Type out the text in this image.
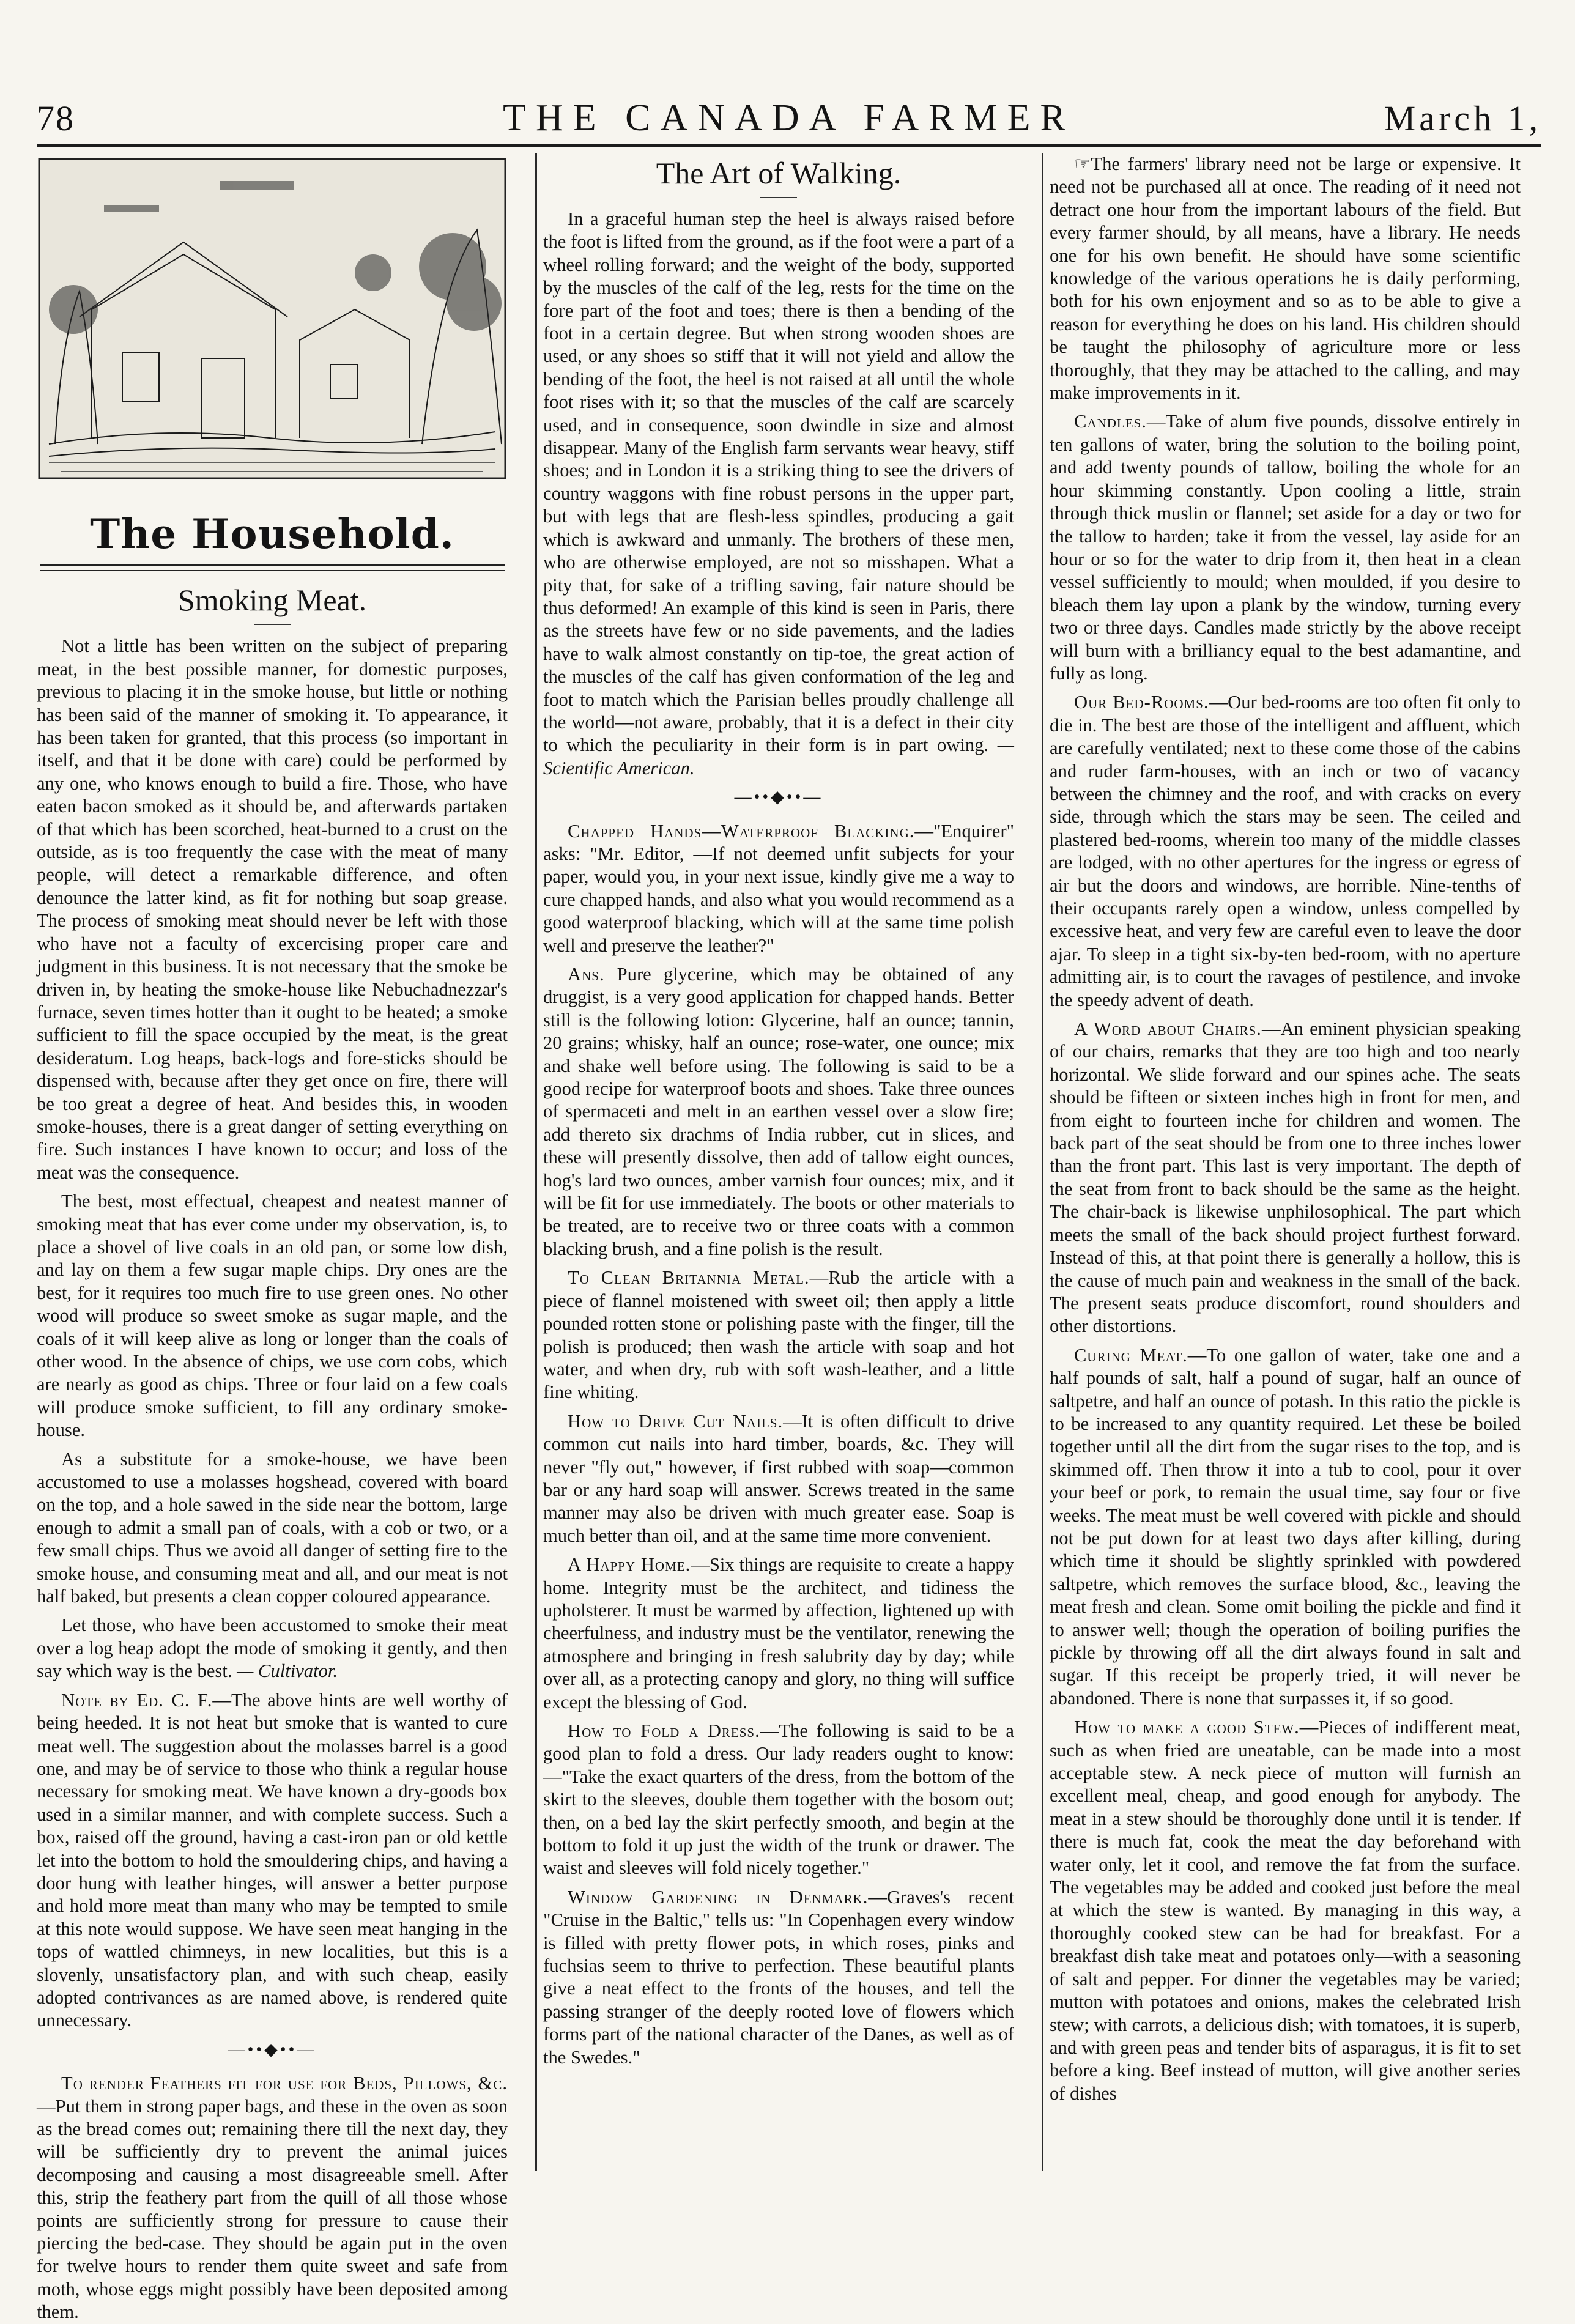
78	THE CANADA FARMER	March 1,
The Household.
Smoking Meat.

Not a little has been written on the subject of preparing meat, in the best possible manner, for domestic purposes, previous to placing it in the smoke house, but little or nothing has been said of the manner of smoking it. To appearance, it has been taken for granted, that this process (so important in itself, and that it be done with care) could be performed by any one, who knows enough to build a fire. Those, who have eaten bacon smoked as it should be, and afterwards partaken of that which has been scorched, heat-burned to a crust on the outside, as is too frequently the case with the meat of many people, will detect a remarkable difference, and often denounce the latter kind, as fit for nothing but soap grease. The process of smoking meat should never be left with those who have not a faculty of excercising proper care and judgment in this business. It is not necessary that the smoke be driven in, by heating the smoke-house like Nebuchadnezzar's furnace, seven times hotter than it ought to be heated; a smoke sufficient to fill the space occupied by the meat, is the great desideratum. Log heaps, back-logs and fore-sticks should be dispensed with, because after they get once on fire, there will be too great a degree of heat. And besides this, in wooden smoke-houses, there is a great danger of setting everything on fire. Such instances I have known to occur; and loss of the meat was the consequence.

The best, most effectual, cheapest and neatest manner of smoking meat that has ever come under my observation, is, to place a shovel of live coals in an old pan, or some low dish, and lay on them a few sugar maple chips. Dry ones are the best, for it requires too much fire to use green ones. No other wood will produce so sweet smoke as sugar maple, and the coals of it will keep alive as long or longer than the coals of other wood. In the absence of chips, we use corn cobs, which are nearly as good as chips. Three or four laid on a few coals will produce smoke sufficient, to fill any ordinary smoke-house.

As a substitute for a smoke-house, we have been accustomed to use a molasses hogshead, covered with board on the top, and a hole sawed in the side near the bottom, large enough to admit a small pan of coals, with a cob or two, or a few small chips. Thus we avoid all danger of setting fire to the smoke house, and consuming meat and all, and our meat is not half baked, but presents a clean copper coloured appearance.

Let those, who have been accustomed to smoke their meat over a log heap adopt the mode of smoking it gently, and then say which way is the best. — Cultivator.

Note by Ed. C. F.—The above hints are well worthy of being heeded. It is not heat but smoke that is wanted to cure meat well. The suggestion about the molasses barrel is a good one, and may be of service to those who think a regular house necessary for smoking meat. We have known a dry-goods box used in a similar manner, and with complete success. Such a box, raised off the ground, having a cast-iron pan or old kettle let into the bottom to hold the smouldering chips, and having a door hung with leather hinges, will answer a better purpose and hold more meat than many who may be tempted to smile at this note would suppose. We have seen meat hanging in the tops of wattled chimneys, in new localities, but this is a slovenly, unsatisfactory plan, and with such cheap, easily adopted contrivances as are named above, is rendered quite unnecessary.

—••◆••—

To render Feathers fit for use for Beds, Pillows, &c.—Put them in strong paper bags, and these in the oven as soon as the bread comes out; remaining there till the next day, they will be sufficiently dry to prevent the animal juices decomposing and causing a most disagreeable smell. After this, strip the feathery part from the quill of all those whose points are sufficiently strong for pressure to cause their piercing the bed-case. They should be again put in the oven for twelve hours to render them quite sweet and safe from moth, whose eggs might possibly have been deposited among them.

The Art of Walking.

In a graceful human step the heel is always raised before the foot is lifted from the ground, as if the foot were a part of a wheel rolling forward; and the weight of the body, supported by the muscles of the calf of the leg, rests for the time on the fore part of the foot and toes; there is then a bending of the foot in a certain degree. But when strong wooden shoes are used, or any shoes so stiff that it will not yield and allow the bending of the foot, the heel is not raised at all until the whole foot rises with it; so that the muscles of the calf are scarcely used, and in consequence, soon dwindle in size and almost disappear. Many of the English farm servants wear heavy, stiff shoes; and in London it is a striking thing to see the drivers of country waggons with fine robust persons in the upper part, but with legs that are flesh-less spindles, producing a gait which is awkward and unmanly. The brothers of these men, who are otherwise employed, are not so misshapen. What a pity that, for sake of a trifling saving, fair nature should be thus deformed! An example of this kind is seen in Paris, there as the streets have few or no side pavements, and the ladies have to walk almost constantly on tip-toe, the great action of the muscles of the calf has given conformation of the leg and foot to match which the Parisian belles proudly challenge all the world—not aware, probably, that it is a defect in their city to which the peculiarity in their form is in part owing. —Scientific American.

—••◆••—

Chapped Hands—Waterproof Blacking.—"Enquirer" asks: "Mr. Editor, —If not deemed unfit subjects for your paper, would you, in your next issue, kindly give me a way to cure chapped hands, and also what you would recommend as a good waterproof blacking, which will at the same time polish well and preserve the leather?"

Ans. Pure glycerine, which may be obtained of any druggist, is a very good application for chapped hands. Better still is the following lotion: Glycerine, half an ounce; tannin, 20 grains; whisky, half an ounce; rose-water, one ounce; mix and shake well before using. The following is said to be a good recipe for waterproof boots and shoes. Take three ounces of spermaceti and melt in an earthen vessel over a slow fire; add thereto six drachms of India rubber, cut in slices, and these will presently dissolve, then add of tallow eight ounces, hog's lard two ounces, amber varnish four ounces; mix, and it will be fit for use immediately. The boots or other materials to be treated, are to receive two or three coats with a common blacking brush, and a fine polish is the result.

To Clean Britannia Metal.—Rub the article with a piece of flannel moistened with sweet oil; then apply a little pounded rotten stone or polishing paste with the finger, till the polish is produced; then wash the article with soap and hot water, and when dry, rub with soft wash-leather, and a little fine whiting.

How to Drive Cut Nails.—It is often difficult to drive common cut nails into hard timber, boards, &c. They will never "fly out," however, if first rubbed with soap—common bar or any hard soap will answer. Screws treated in the same manner may also be driven with much greater ease. Soap is much better than oil, and at the same time more convenient.

A Happy Home.—Six things are requisite to create a happy home. Integrity must be the architect, and tidiness the upholsterer. It must be warmed by affection, lightened up with cheerfulness, and industry must be the ventilator, renewing the atmosphere and bringing in fresh salubrity day by day; while over all, as a protecting canopy and glory, no thing will suffice except the blessing of God.

How to Fold a Dress.—The following is said to be a good plan to fold a dress. Our lady readers ought to know:—"Take the exact quarters of the dress, from the bottom of the skirt to the sleeves, double them together with the bosom out; then, on a bed lay the skirt perfectly smooth, and begin at the bottom to fold it up just the width of the trunk or drawer. The waist and sleeves will fold nicely together."

Window Gardening in Denmark.—Graves's recent "Cruise in the Baltic," tells us: "In Copenhagen every window is filled with pretty flower pots, in which roses, pinks and fuchsias seem to thrive to perfection. These beautiful plants give a neat effect to the fronts of the houses, and tell the passing stranger of the deeply rooted love of flowers which forms part of the national character of the Danes, as well as of the Swedes."

☞The farmers' library need not be large or expensive. It need not be purchased all at once. The reading of it need not detract one hour from the important labours of the field. But every farmer should, by all means, have a library. He needs one for his own benefit. He should have some scientific knowledge of the various operations he is daily performing, both for his own enjoyment and so as to be able to give a reason for everything he does on his land. His children should be taught the philosophy of agriculture more or less thoroughly, that they may be attached to the calling, and may make improvements in it.

Candles.—Take of alum five pounds, dissolve entirely in ten gallons of water, bring the solution to the boiling point, and add twenty pounds of tallow, boiling the whole for an hour skimming constantly. Upon cooling a little, strain through thick muslin or flannel; set aside for a day or two for the tallow to harden; take it from the vessel, lay aside for an hour or so for the water to drip from it, then heat in a clean vessel sufficiently to mould; when moulded, if you desire to bleach them lay upon a plank by the window, turning every two or three days. Candles made strictly by the above receipt will burn with a brilliancy equal to the best adamantine, and fully as long.

Our Bed-Rooms.—Our bed-rooms are too often fit only to die in. The best are those of the intelligent and affluent, which are carefully ventilated; next to these come those of the cabins and ruder farm-houses, with an inch or two of vacancy between the chimney and the roof, and with cracks on every side, through which the stars may be seen. The ceiled and plastered bed-rooms, wherein too many of the middle classes are lodged, with no other apertures for the ingress or egress of air but the doors and windows, are horrible. Nine-tenths of their occupants rarely open a window, unless compelled by excessive heat, and very few are careful even to leave the door ajar. To sleep in a tight six-by-ten bed-room, with no aperture admitting air, is to court the ravages of pestilence, and invoke the speedy advent of death.

A Word about Chairs.—An eminent physician speaking of our chairs, remarks that they are too high and too nearly horizontal. We slide forward and our spines ache. The seats should be fifteen or sixteen inches high in front for men, and from eight to fourteen inche for children and women. The back part of the seat should be from one to three inches lower than the front part. This last is very important. The depth of the seat from front to back should be the same as the height. The chair-back is likewise unphilosophical. The part which meets the small of the back should project furthest forward. Instead of this, at that point there is generally a hollow, this is the cause of much pain and weakness in the small of the back. The present seats produce discomfort, round shoulders and other distortions.

Curing Meat.—To one gallon of water, take one and a half pounds of salt, half a pound of sugar, half an ounce of saltpetre, and half an ounce of potash. In this ratio the pickle is to be increased to any quantity required. Let these be boiled together until all the dirt from the sugar rises to the top, and is skimmed off. Then throw it into a tub to cool, pour it over your beef or pork, to remain the usual time, say four or five weeks. The meat must be well covered with pickle and should not be put down for at least two days after killing, during which time it should be slightly sprinkled with powdered saltpetre, which removes the surface blood, &c., leaving the meat fresh and clean. Some omit boiling the pickle and find it to answer well; though the operation of boiling purifies the pickle by throwing off all the dirt always found in salt and sugar. If this receipt be properly tried, it will never be abandoned. There is none that surpasses it, if so good.

How to make a good Stew.—Pieces of indifferent meat, such as when fried are uneatable, can be made into a most acceptable stew. A neck piece of mutton will furnish an excellent meal, cheap, and good enough for anybody. The meat in a stew should be thoroughly done until it is tender. If there is much fat, cook the meat the day beforehand with water only, let it cool, and remove the fat from the surface. The vegetables may be added and cooked just before the meal at which the stew is wanted. By managing in this way, a thoroughly cooked stew can be had for breakfast. For a breakfast dish take meat and potatoes only—with a seasoning of salt and pepper. For dinner the vegetables may be varied; mutton with potatoes and onions, makes the celebrated Irish stew; with carrots, a delicious dish; with tomatoes, it is superb, and with green peas and tender bits of asparagus, it is fit to set before a king. Beef instead of mutton, will give another series of dishes
